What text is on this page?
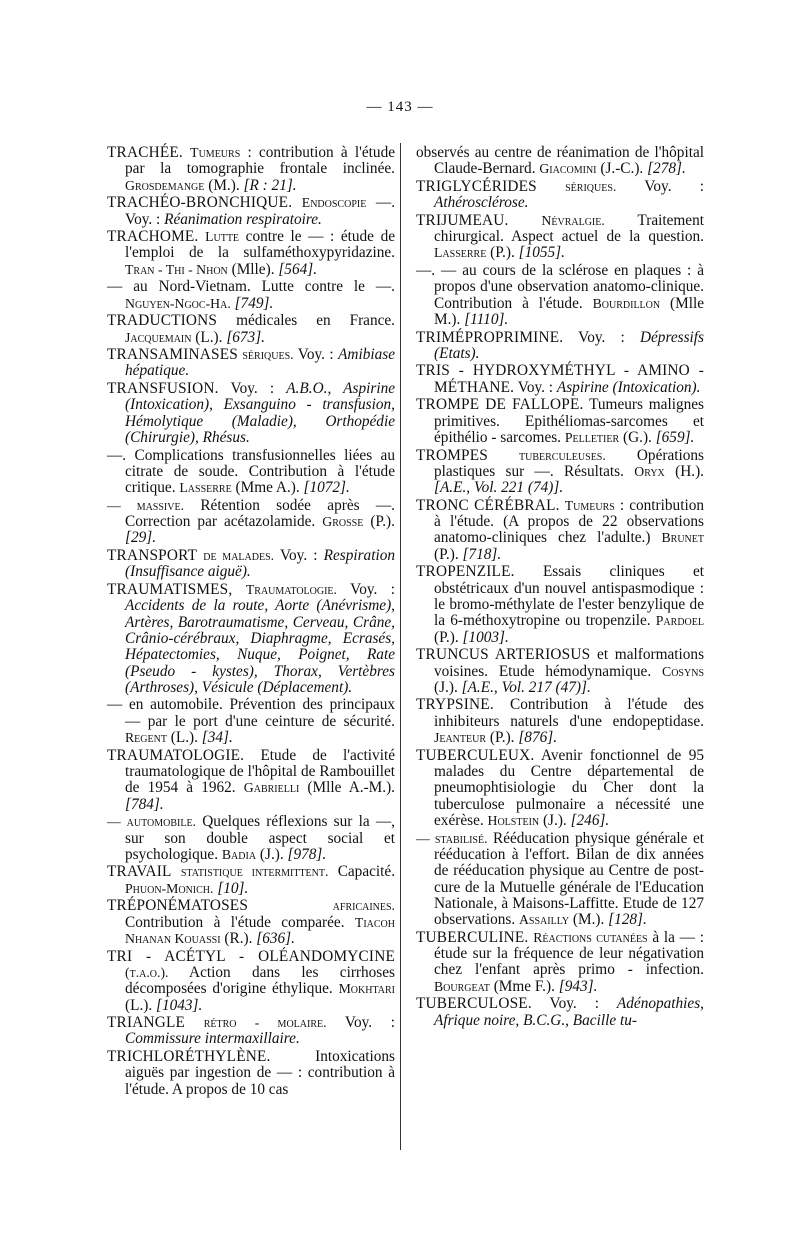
— 143 —

TRACHÉE. Tumeurs : contribution à l'étude par la tomographie frontale inclinée. Grosdemange (M.). [R : 21].

TRACHÉO-BRONCHIQUE. Endoscopie —. Voy. : Réanimation respiratoire.

TRACHOME. Lutte contre le — : étude de l'emploi de la sulfaméthoxypyridazine. Tran - Thi - Nhon (Mlle). [564].

— au Nord-Vietnam. Lutte contre le —. Nguyen-Ngoc-Ha. [749].

TRADUCTIONS médicales en France. Jacquemain (L.). [673].

TRANSAMINASES sériques. Voy. : Amibiase hépatique.

TRANSFUSION. Voy. : A.B.O., Aspirine (Intoxication), Exsanguino - transfusion, Hémolytique (Maladie), Orthopédie (Chirurgie), Rhésus.

—. Complications transfusionnelles liées au citrate de soude. Contribution à l'étude critique. Lasserre (Mme A.). [1072].

— massive. Rétention sodée après —. Correction par acétazolamide. Grosse (P.). [29].

TRANSPORT de malades. Voy. : Respiration (Insuffisance aiguë).

TRAUMATISMES, Traumatologie. Voy. : Accidents de la route, Aorte (Anévrisme), Artères, Barotraumatisme, Cerveau, Crâne, Crânio-cérébraux, Diaphragme, Ecrasés, Hépatectomies, Nuque, Poignet, Rate (Pseudo - kystes), Thorax, Vertèbres (Arthroses), Vésicule (Déplacement).

— en automobile. Prévention des principaux — par le port d'une ceinture de sécurité. Regent (L.). [34].

TRAUMATOLOGIE. Etude de l'activité traumatologique de l'hôpital de Rambouillet de 1954 à 1962. Gabrielli (Mlle A.-M.). [784].

— automobile. Quelques réflexions sur la —, sur son double aspect social et psychologique. Badia (J.). [978].

TRAVAIL statistique intermittent. Capacité. Phuon-Monich. [10].

TRÉPONÉMATOSES	africaines. Contribution à l'étude comparée. Tiacoh Nhanan Kouassi (R.). [636].

TRI - ACÉTYL - OLÉANDOMYCINE (t.a.o.). Action dans les cirrhoses décomposées d'origine éthylique. Mokhtari (L.). [1043].

TRIANGLE rétro - molaire. Voy. : Commissure intermaxillaire.

TRICHLORÉTHYLÈNE.	Intoxications aiguës par ingestion de — : contribution à l'étude. A propos de 10 cas

observés au centre de réanimation de l'hôpital Claude-Bernard. Giacomini (J.-C.). [278].

TRIGLYCÉRIDES sériques. Voy. : Athérosclérose.

TRIJUMEAU. Névralgie. Traitement chirurgical. Aspect actuel de la question. Lasserre (P.). [1055].

—. — au cours de la sclérose en plaques : à propos d'une observation anatomo-clinique. Contribution à l'étude. Bourdillon (Mlle M.). [1110].

TRIMÉPROPRIMINE. Voy. : Dépressifs (Etats).

TRIS - HYDROXYMÉTHYL - AMINO - MÉTHANE. Voy. : Aspirine (Intoxication).

TROMPE DE FALLOPE. Tumeurs malignes primitives. Epithéliomas-sarcomes et épithélio - sarcomes. Pelletier (G.). [659].

TROMPES tuberculeuses. Opérations plastiques sur —. Résultats. Oryx (H.). [A.E., Vol. 221 (74)].

TRONC CÉRÉBRAL. Tumeurs : contribution à l'étude. (A propos de 22 observations anatomo-cliniques chez l'adulte.) Brunet (P.). [718].

TROPENZILE. Essais cliniques et obstétricaux d'un nouvel antispasmodique : le bromo-méthylate de l'ester benzylique de la 6-méthoxytropine ou tropenzile. Pardoel (P.). [1003].

TRUNCUS ARTERIOSUS et malformations voisines. Etude hémodynamique. Cosyns (J.). [A.E., Vol. 217 (47)].

TRYPSINE. Contribution à l'étude des inhibiteurs naturels d'une endopeptidase. Jeanteur (P.). [876].

TUBERCULEUX. Avenir fonctionnel de 95 malades du Centre départemental de pneumophtisiologie du Cher dont la tuberculose pulmonaire a nécessité une exérèse. Holstein (J.). [246].

— stabilisé. Rééducation physique générale et rééducation à l'effort. Bilan de dix années de rééducation physique au Centre de post-cure de la Mutuelle générale de l'Education Nationale, à Maisons-Laffitte. Etude de 127 observations. Assailly (M.). [128].

TUBERCULINE. Réactions cutanées à la — : étude sur la fréquence de leur négativation chez l'enfant après primo - infection. Bourgeat (Mme F.). [943].

TUBERCULOSE. Voy. : Adénopathies, Afrique noire, B.C.G., Bacille tu-
